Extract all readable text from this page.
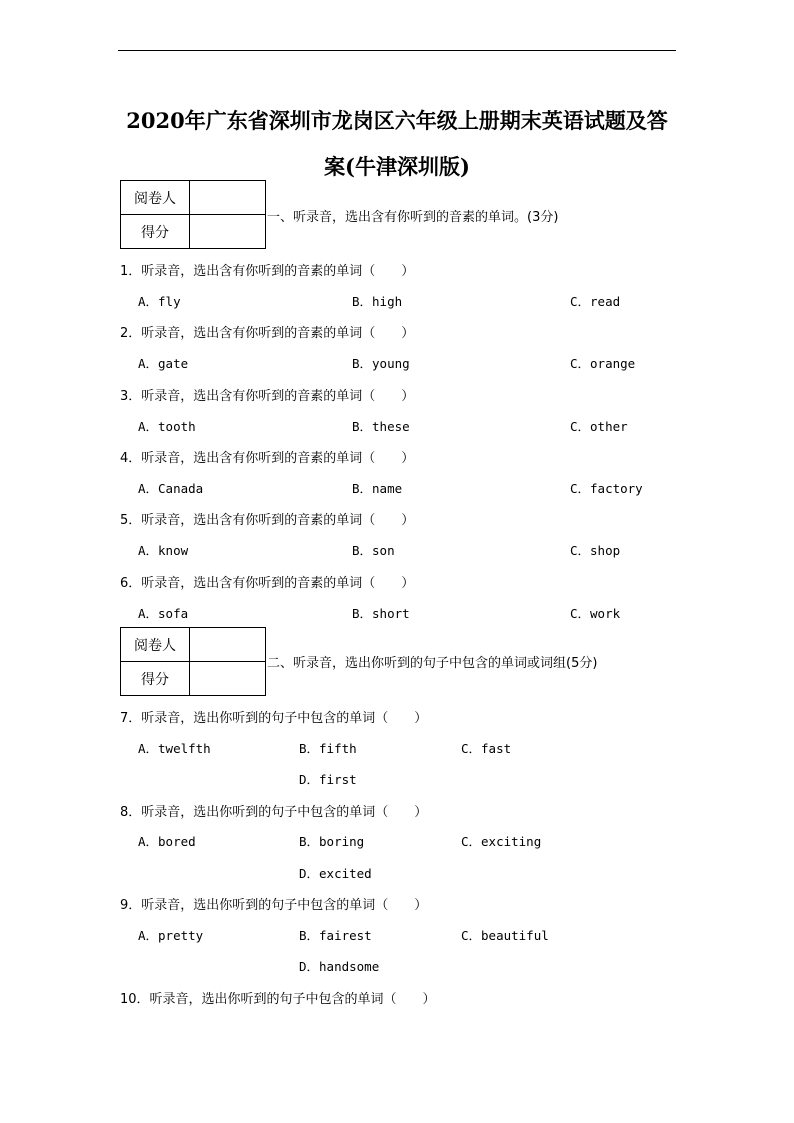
2020年广东省深圳市龙岗区六年级上册期末英语试题及答
案(牛津深圳版)
阅卷人	
得分	
一、听录音，选出含有你听到的音素的单词。(3分)
1．听录音，选出含有你听到的音素的单词（　　）
A．fly	B．high	C．read
2．听录音，选出含有你听到的音素的单词（　　）
A．gate	B．young	C．orange
3．听录音，选出含有你听到的音素的单词（　　）
A．tooth	B．these	C．other
4．听录音，选出含有你听到的音素的单词（　　）
A．Canada	B．name	C．factory
5．听录音，选出含有你听到的音素的单词（　　）
A．know	B．son	C．shop
6．听录音，选出含有你听到的音素的单词（　　）
A．sofa	B．short	C．work
阅卷人	
得分	
二、听录音，选出你听到的句子中包含的单词或词组(5分)
7．听录音，选出你听到的句子中包含的单词（　　）
A．twelfth	B．fifth	C．fast
D．first
8．听录音，选出你听到的句子中包含的单词（　　）
A．bored	B．boring	C．exciting
D．excited
9．听录音，选出你听到的句子中包含的单词（　　）
A．pretty	B．fairest	C．beautiful
D．handsome
10．听录音，选出你听到的句子中包含的单词（　　）
